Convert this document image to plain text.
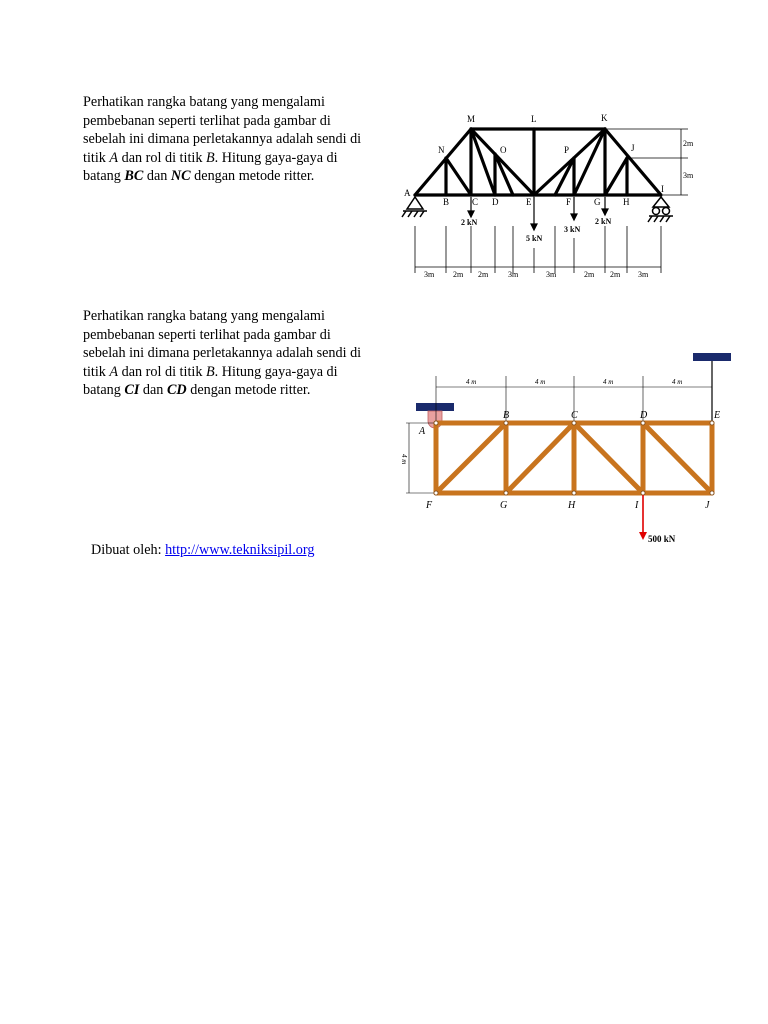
Perhatikan rangka batang yang mengalami
pembebanan seperti terlihat pada gambar di
sebelah ini dimana perletakannya adalah sendi di
titik A dan rol di titik B. Hitung gaya-gaya di
batang BC dan NC dengan metode ritter.
M	L	K
N	O	P	J
A
B	C D	E	F	G	H
I
2 kN
5 kN
3 kN
2 kN
2m
3m
3m 2m 2m 3m	3m	2m 2m 3m
Perhatikan rangka batang yang mengalami
pembebanan seperti terlihat pada gambar di
sebelah ini dimana perletakannya adalah sendi di
titik A dan rol di titik B. Hitung gaya-gaya di
batang CI dan CD dengan metode ritter.
4 m	4 m	4 m	4 m
4 m
A
B	C	D	E
F	G	H	I	J
500 kN
Dibuat oleh: http://www.tekniksipil.org
